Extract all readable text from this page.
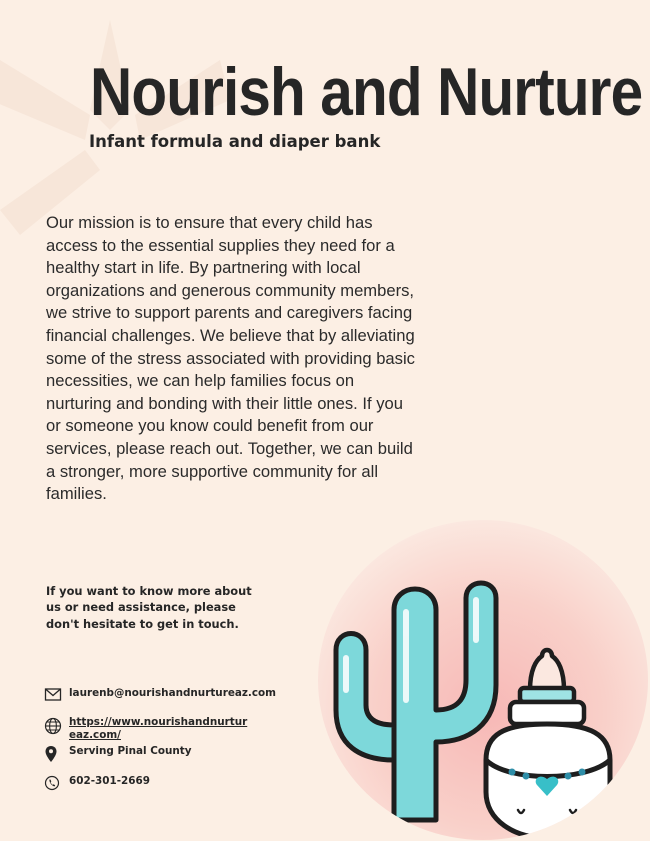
Nourish and Nurture
Infant formula and diaper bank
Our mission is to ensure that every child has access to the essential supplies they need for a healthy start in life. By partnering with local organizations and generous community members, we strive to support parents and caregivers facing financial challenges. We believe that by alleviating some of the stress associated with providing basic necessities, we can help families focus on nurturing and bonding with their little ones. If you or someone you know could benefit from our services, please reach out. Together, we can build a stronger, more supportive community for all families.
If you want to know more about us or need assistance, please don't hesitate to get in touch.
laurenb@nourishandnurtureaz.com
https://www.nourishandnurtureaz.com/
Serving Pinal County
602-301-2669
